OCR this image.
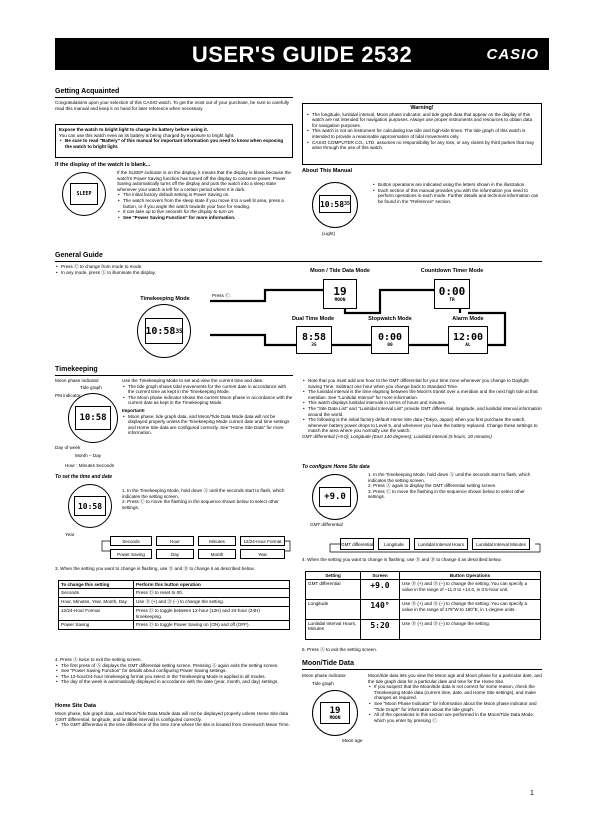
USER'S GUIDE 2532	CASIO
Getting Acquainted
Congratulations upon your selection of this CASIO watch. To get the most out of your purchase, be sure to carefully read this manual and keep it on hand for later reference when necessary.
Expose the watch to bright light to charge its battery before using it.
You can use this watch even as its battery is being charged by exposure to bright light.
• Be sure to read "Battery" of this manual for important information you need to know when exposing the watch to bright light.
If the display of the watch is blank...
SLEEP

If the SLEEP indicator is on the display, it means that the display is blank because the watch's Power Saving function has turned off the display to conserve power. Power Saving automatically turns off the display and puts the watch into a sleep state whenever your watch is left for a certain period where it is dark.

• The initial factory default setting is Power Saving on.
• The watch recovers from the sleep state if you move it to a well lit area, press a button, or if you angle the watch towards your face for reading.
• It can take up to five seconds for the display to turn on.
• See "Power Saving Function" for more information.
Warning!
• The longitude, lunitidal interval, Moon phase indicator, and tide graph data that appear on the display of this watch are not intended for navigation purposes. Always use proper instruments and resources to obtain data for navigation purposes.
• This watch is not an instrument for calculating low tide and high-tide times. The tide graph of this watch is intended to provide a reasonable approximation of tidal movements only.
• CASIO COMPUTER CO., LTD. assumes no responsibility for any loss, or any claims by third parties that may arise through the use of this watch.
About This Manual
10:58 35
(Light)
• Button operations are indicated using the letters shown in the illustration.
• Each section of this manual provides you with the information you need to perform operations in each mode. Further details and technical information can be found in the "Reference" section.
General Guide
• Press Ⓒ to change from mode to mode.
• In any mode, press Ⓛ to illuminate the display.
Timekeeping Mode
Press Ⓒ.
10:58 35
Moon / Tide Data Mode
19
MOON
Countdown Timer Mode
0:00
TR
Dual Time Mode
8:58
35
Stopwatch Mode
0:00
00
Alarm Mode
12:00
AL
Timekeeping
Moon phase indicator
Tide graph
PM indicator
10:58
Day of week
Month – Day
Hour : Minutes Seconds

Use the Timekeeping Mode to set and view the current time and date.

• The tide graph shows tidal movements for the current date in accordance with the current time as kept in the Timekeeping Mode.
• The Moon phase indicator shows the current Moon phase in accordance with the current date as kept in the Timekeeping Mode.

Important!

• Moon phase, tide graph data, and Moon/Tide Data Mode data will not be displayed properly unless the Timekeeping Mode current date and time settings and Home Site data are configured correctly. See "Home Site Data" for more information.
To set the time and date
10:58
Year

1. In the Timekeeping Mode, hold down Ⓐ until the seconds start to flash, which indicates the setting screen.

2. Press Ⓒ to move the flashing in the sequence shown below to select other settings.

Seconds	Hour	Minutes	12/24-Hour Format
Power Saving	Day	Month	Year
3. When the setting you want to change is flashing, use Ⓓ and Ⓑ to change it as described below.
To change this setting	Perform this button operation
Seconds	Press Ⓓ to reset to 00.
Hour, Minutes, Year, Month, Day	Use Ⓓ (+) and Ⓑ (–) to change the setting.
12/24-Hour Format	Press Ⓓ to toggle between 12-hour (12H) and 24-hour (24H) timekeeping.
Power Saving	Press Ⓓ to toggle Power Saving on (ON) and off (OFF).

4. Press Ⓐ twice to exit the setting screen.

• The first press of Ⓐ displays the GMT differential setting screen. Pressing Ⓐ again exits the setting screen.
• See "Power Saving Function" for details about configuring Power Saving settings.
• The 12-hour/24-hour timekeeping format you select in the Timekeeping Mode is applied in all modes.
• The day of the week is automatically displayed in accordance with the date (year, month, and day) settings.
Home Site Data

Moon phase, tide graph data, and Moon/Tide Data Mode data will not be displayed properly unless Home Site data (GMT differential, longitude, and lunitidal interval) is configured correctly.

• The GMT differential is the time difference of the time zone where the site is located from Greenwich Mean Time.
• Note that you must add one hour to the GMT differential for your time zone whenever you change to Daylight Saving Time. Subtract one hour when you change back to Standard Time.
• The lunitidal interval is the time elapsing between the Moon's transit over a meridian and the next high tide at that meridian. See "Lunitidal Interval" for more information.
• This watch displays lunitidal intervals in terms of hours and minutes.
• The "Site Data List" and "Lunitidal Interval List" provide GMT differential, longitude, and lunitidal interval information around the world.
• The following is the initial factory default Home Site data (Tokyo, Japan) when you first purchase the watch, whenever battery power drops to Level 5, and whenever you have the battery replaced. Change these settings to match the area where you normally use the watch.

GMT differential (+9.0); Longitude (East 140 degrees); Lunitidal Interval (5 hours, 20 minutes)

To configure Home Site data
+9.0
GMT differential

1. In the Timekeeping Mode, hold down Ⓐ until the seconds start to flash, which indicates the setting screen.

2. Press Ⓐ again to display the GMT differential setting screen.

3. Press Ⓒ to move the flashing in the sequence shown below to select other settings.

GMT differential	Longitude	Lunitidal Interval Hours	Lunitidal Interval Minutes
4. When the setting you want to change is flashing, use Ⓓ and Ⓑ to change it as described below.
Setting	Screen	Button Operations
GMT differential	+9.0	Use Ⓓ (+) and Ⓑ (–) to change the setting. You can specify a value in the range of –11.0 to +14.0, in 0.5-hour unit.
Longitude	140°	Use Ⓓ (+) and Ⓑ (–) to change the setting. You can specify a value in the range of 179°W to 180°E, in 1-degree units.
Lunitidal Interval Hours, Minutes	5:20	Use Ⓓ (+) and Ⓑ (–) to change the setting.
5. Press Ⓐ to exit the setting screen.
Moon/Tide Data
Moon phase indicator
Tide graph
19
MOON
Moon age

Moon/tide data lets you view the Moon age and Moon phase for a particular date, and the tide graph data for a particular date and time for the Home Site.

• If you suspect that the Moon/tide data is not correct for some reason, check the Timekeeping Mode data (current time, date, and Home Site settings), and make changes as required.
• See "Moon Phase Indicator" for information about the Moon phase indicator and "Tide Graph" for information about the tide graph.
• All of the operations in this section are performed in the Moon/Tide Data Mode, which you enter by pressing Ⓒ.
1
